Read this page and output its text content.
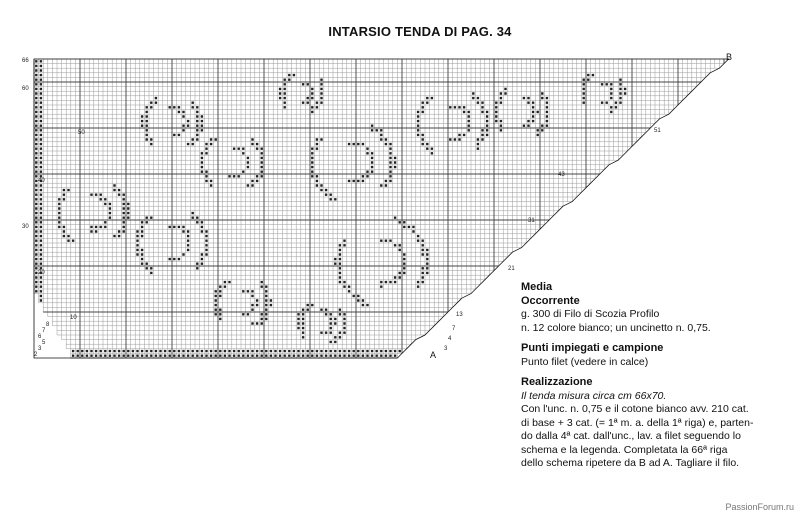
INTARSIO TENDA DI PAG. 34
66
60
50
40
30
20
10
8
7
6
5
3
2
51
43
31
21
13
7
4
3
A
B
Media
Occorrente
g. 300 di Filo di Scozia Profilo
n. 12 colore bianco; un uncinetto n. 0,75.
Punti impiegati e campione
Punto filet (vedere in calce)
Realizzazione
Il tenda misura circa cm 66x70.
Con l'unc. n. 0,75 e il cotone bianco avv. 210 cat.
di base + 3 cat. (= 1ª m. a. della 1ª riga) e, parten-
do dalla 4ª cat. dall'unc., lav. a filet seguendo lo
schema e la legenda. Completata la 66ª riga
dello schema ripetere da B ad A. Tagliare il filo.
PassionForum.ru
